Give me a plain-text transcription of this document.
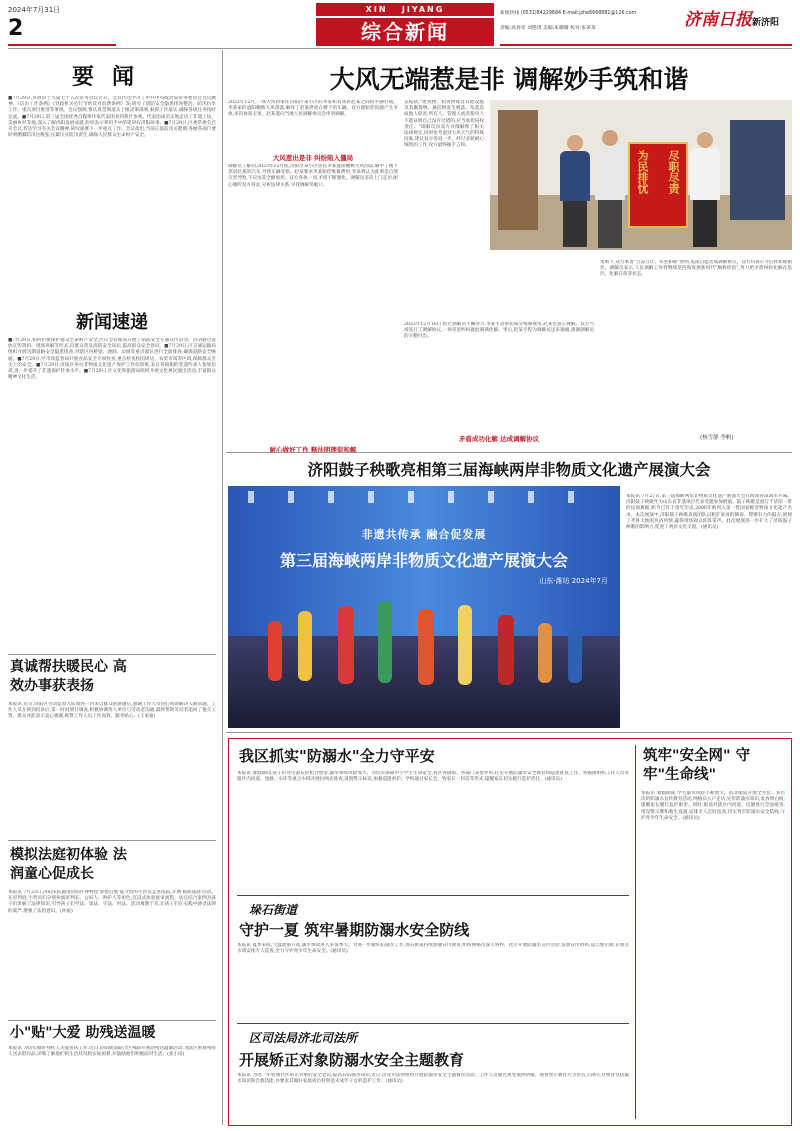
2024年7月31日
2
XIN JIYANG
综合新闻
新闻热线 (0531)84229684 E-mail:jzhe6668881@126.com
责编:高春荣 刘艳琪 美编:朱珊珊 校对:张莱莱	济南日报新济阳
要闻
■7月29日,区政府十九届七十五次常务会议召开。会议传达学习了中共中央政治局常务委员会会议精神、《信访工作条例》《党政机关厉行节约反对浪费条例》等;研究了消防安全隐患排查整治、防汛抗旱工作、重点项目推进等事项。会议强调,要认真贯彻落实上级决策部署,狠抓工作落实,确保各项任务按时完成。■7月29日,第三届全国优秀自媒体作家代表团来到我区参观。代表团成员实地走访了非遗工坊、美丽乡村等地,深入了解济阳发展成就,纷纷表示将用手中的笔讲好济阳故事。■7月29日,区委常委会召开会议,传达学习有关会议精神,研究部署下一步重点工作。会议指出,当前正值防汛关键期,各级各部门要时刻绷紧防汛这根弦,压紧压实防汛责任,确保人民群众生命财产安全。
新闻速递
■7月29日,如何护航保护群众生命财产安全,区应急管理局开展了消防安全专题宣传活动。活动通过发放宣传资料、现场讲解等形式,向群众普及消防安全知识,提高群众安全意识。■7月29日,区交通运输局组织开展汛期道路安全隐患排查,对辖区内桥梁、涵洞、边坡等重点部位进行全面排查,确保道路安全畅通。■7月29日,区市场监管局开展食品安全专项检查,重点检查校园周边、农贸市场等区域,保障群众舌尖上的安全。■7月29日,济阳区举办非物质文化遗产保护工作培训班,来自各镇街的非遗传承人参加培训,进一步提升了非遗保护传承水平。■7月29日,区文化和旅游局组织开展文化惠民演出活动,丰富群众精神文化生活。
真诚帮扶暖民心 高效办事获表扬
本报讯 近日,济阳区劳动监察大队收到一封来自群众的感谢信,感谢工作人员热心帮助解决欠薪问题。工作人员在接到投诉后,第一时间展开调查,积极协调用人单位与劳动者沟通,最终帮助劳动者追回了拖欠工资。群众对此表示衷心感谢,称赞工作人员工作高效、服务贴心。(王家豪)
模拟法庭初体验 法润童心促成长
本报讯 7月23日,济阳法院邀请济阳区博物馆'梦想启航'夏令营的小营员走进法院,开展'模拟法庭'活动。在审判庭,小营员们分别扮演审判长、公诉人、辩护人等角色,沉浸式体验庭审流程。法官结合案例为孩子们讲解了法律知识,引导孩子们学法、知法、守法、用法。活动寓教于乐,让孩子们在实践中感受法律的威严,增强了法治意识。(孙振)
小"贴"大爱 助残送温暖
本报讯 为切实做好残疾人关爱帮扶工作,近日,济阳街道联合区残联开展助残送温暖活动,为辖区困难残疾人送去慰问品,详细了解他们的生活状况和实际困难,并鼓励他们积极面对生活。(张小雨)
大风无端惹是非 调解妙手筑和谐
2023年12月,一场大风将家住济阳区某小区的李某和其邻居赵某之间的平静打破。李某家的遮阳棚被大风刮落,砸坏了赵某停放在楼下的车辆。双方就赔偿问题产生争执,多次协商无果。赵某遂向当地人民调解委员会申请调解。
大风惹出是非 纠纷陷入僵局
调解员了解到,2023年12月底,济阳区某小区居民李某遮阳棚被大风刮落,砸中了楼下邻居赵某的汽车,导致车辆受损。赵某要求李某赔偿维修费用,李某则认为此事是自然灾害导致,不应由其全额承担。双方各执一词,矛盾不断激化。调解员多次上门走访,耐心倾听双方诉求,分析法律关系,寻找调解突破口。
耐心做好工作 释法明理促和解
美赔款,"建筑物、构筑物或者其他设施及其搁置物、悬挂物发生脱落、坠落造成他人损害,所有人、管理人或者使用人不能证明自己没有过错的,应当承担侵权责任。"调解员向双方详细解释了相关法律规定,同时也考虑到大风天气的特殊因素,建议双方各退一步。经过多轮耐心细致的工作,双方最终握手言和。
2023年12月16日,经过调解员不懈努力,李某主动承担部分维修费用,赵某也表示理解。双方当场签订了调解协议,一场邻里纠纷就此圆满化解。事后,赵某专程为调解员送来锦旗,感谢调解员的辛勤付出。
矛盾成功化解 达成调解协议
帮助下,双方本着"互谅互让、邻里和睦"原则,依法自愿达成调解协议。双方均表示今后将和睦相处。调解员表示,人民调解工作将继续坚持和发展新时代"枫桥经验",努力把矛盾纠纷化解在基层、化解在萌芽状态。
(杨雪静 李帆)
为民排忧 尽职尽责
济阳鼓子秧歌亮相第三届海峡两岸非物质文化遗产展演大会
非遗共传承 融合促发展
第三届海峡两岸非物质文化遗产展演大会
山东·潍坊 2024年7月
本报讯 7月27日,第三届海峡两岸非物质文化遗产展演大会在海南省琼海市开幕。济阳鼓子秧歌作为山东省非遗项目代表受邀参加展演。鼓子秧歌是流行于济阳一带的民间舞蹈,距今已有千余年历史,2006年被列入第一批国家级非物质文化遗产名录。本次展演中,济阳鼓子秧歌表演团队以粗犷豪放的舞姿、铿锵有力的鼓点,展现了齐鲁大地的民俗风情,赢得现场观众阵阵掌声。此次展演进一步扩大了济阳鼓子秧歌的影响力,促进了两岸文化交流。(通讯员)
我区抓实"防溺水"全力守平安
本报讯 暑假期间,孩子们外出游玩的机会增多,溺水事故风险加大。为切实保障中小学生生命安全,我区各镇街、各部门多措并举,扎实开展防溺水安全教育和隐患排查工作。各镇街组织工作人员对辖区内河道、池塘、水库等重点水域开展拉网式排查,设置警示标识,加强巡逻看护。学校通过家长会、致家长一封信等形式,提醒家长切实履行监护责任。(通讯员)
垛石街道
守护一夏 筑牢暑期防溺水安全防线
本报讯 夏季来临,气温逐渐升高,溺水事故进入多发季节。为进一步做好防溺水工作,垛石街道持续加强宣传教育,组织网格员深入各村、社区开展防溺水宣传活动,发放宣传资料,设立警示牌,在重点水域安排专人巡查,全力守护青少年生命安全。(通讯员)
区司法局济北司法所
开展矫正对象防溺水安全主题教育
本报讯 为进一步加强社区矫正对象的安全意识,提高其防溺水知识,近日,济北司法所组织开展防溺水安全主题教育活动。工作人员通过典型案例讲解、观看警示教育片等形式,向矫正对象普及防溺水知识和自救技能,并要求其做好家庭成员特别是未成年子女的监护工作。(通讯员)
筑牢"安全网" 守牢"生命线"
本报讯 暑假期间,学生溺水风险不断增大。济北街道开展全方位、多层次的防溺水宣传教育活动,网格员入户走访,宣传防溺水知识,发放明白纸,提醒家长履行监护职责。同时,街道对辖区内河道、坑塘进行全面排查,增设警示牌和救生设施,安排专人定时巡查,切实筑牢防溺水安全防线,守护青少年生命安全。(通讯员)
